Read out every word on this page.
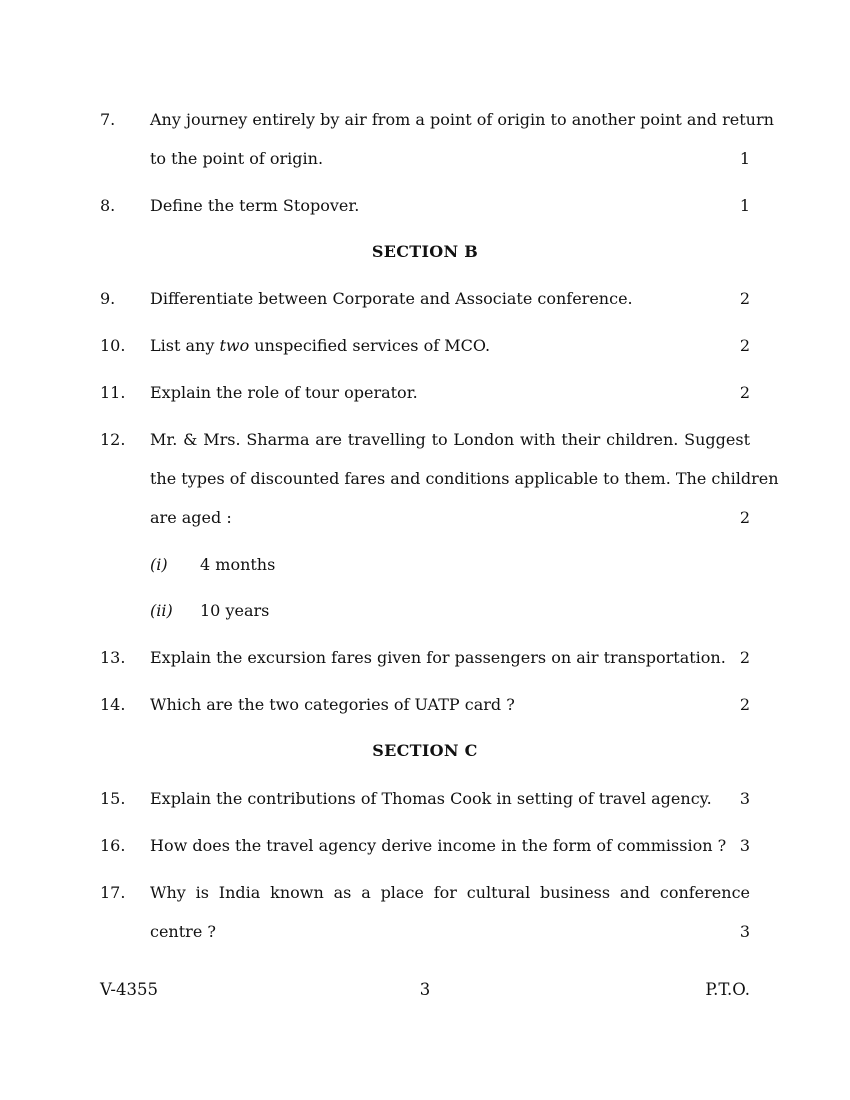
7. Any journey entirely by air from a point of origin to another point and return
to the point of origin.	1
8. Define the term Stopover.	1
SECTION B
9. Differentiate between Corporate and Associate conference.	2
10. List any two unspecified services of MCO.	2
11. Explain the role of tour operator.	2
12. Mr. & Mrs. Sharma are travelling to London with their children. Suggest
the types of discounted fares and conditions applicable to them. The children
are aged :	2
(i) 4 months
(ii) 10 years
13. Explain the excursion fares given for passengers on air transportation. 2
14. Which are the two categories of UATP card ?	2
SECTION C
15. Explain the contributions of Thomas Cook in setting of travel agency.	3
16. How does the travel agency derive income in the form of commission ? 3
17. Why is India known as a place for cultural business and conference
centre ?	3
V-4355	3	P.T.O.
